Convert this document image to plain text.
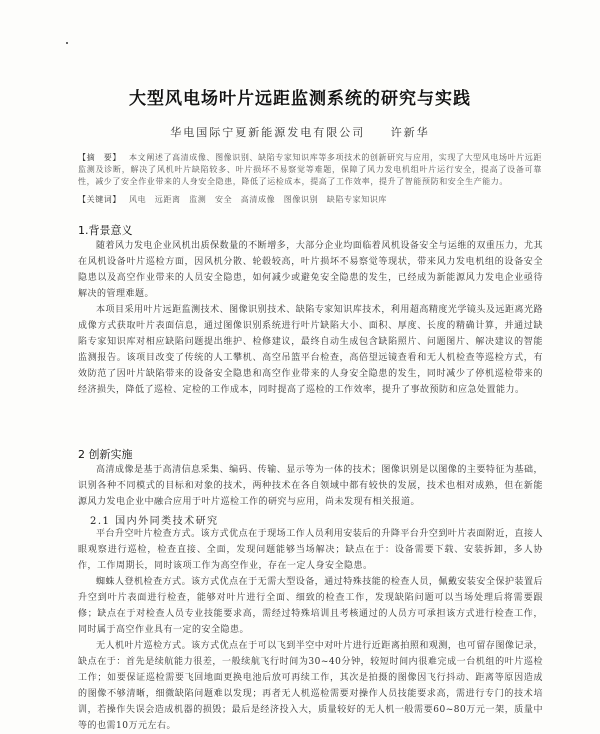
大型风电场叶片远距监测系统的研究与实践
华电国际宁夏新能源发电有限公司 许新华
【摘　要】 本文阐述了高清成像、图像识别、缺陷专家知识库等多项技术的创新研究与应用，实现了大型风电场叶片远距监测及诊断，解决了风机叶片缺陷较多、叶片损坏不易察觉等难题，保障了风力发电机组叶片运行安全，提高了设备可靠性，减少了安全作业带来的人身安全隐患，降低了运检成本，提高了工作效率，提升了智能预防和安全生产能力。
【关键词】 风电　远距离　监测　安全　高清成像　图像识别　缺陷专家知识库
1.背景意义

随着风力发电企业风机出质保数量的不断增多，大部分企业均面临着风机设备安全与运维的双重压力，尤其在风机设备叶片巡检方面，因风机分散、轮毂较高，叶片损坏不易察觉等现状，带来风力发电机组的设备安全隐患以及高空作业带来的人员安全隐患，如何减少或避免安全隐患的发生，已经成为新能源风力发电企业亟待解决的管理难题。

本项目采用叶片远距监测技术、图像识别技术、缺陷专家知识库技术，利用超高精度光学镜头及远距离光路成像方式获取叶片表面信息，通过图像识别系统进行叶片缺陷大小、面积、厚度、长度的精确计算，并通过缺陷专家知识库对相应缺陷问题提出维护、检修建议，最终自动生成包含缺陷照片、问题图片、解决建议的智能监测报告。该项目改变了传统的人工攀机、高空吊篮平台检查，高倍望远镜查看和无人机检查等巡检方式，有效防范了因叶片缺陷带来的设备安全隐患和高空作业带来的人身安全隐患的发生，同时减少了停机巡检带来的经济损失，降低了巡检、定检的工作成本，同时提高了巡检的工作效率，提升了事故预防和应急处置能力。

2 创新实施

高清成像是基于高清信息采集、编码、传输、显示等为一体的技术；图像识别是以图像的主要特征为基础，识别各种不同模式的目标和对象的技术，两种技术在各自领域中都有较快的发展，技术也相对成熟，但在新能源风力发电企业中融合应用于叶片巡检工作的研究与应用，尚未发现有相关报道。

2.1 国内外同类技术研究

平台升空叶片检查方式。该方式优点在于现场工作人员利用安装后的升降平台升空到叶片表面附近，直接人眼观察进行巡检，检查直接、全面，发现问题能够当场解决；缺点在于：设备需要下载、安装拆卸，多人协作，工作周期长，同时该项工作为高空作业，存在一定人身安全隐患。

蜘蛛人登机检查方式。该方式优点在于无需大型设备，通过特殊技能的检查人员，佩戴安装安全保护装置后升空到叶片表面进行检查，能够对叶片进行全面、细致的检查工作，发现缺陷问题可以当场处理后将需要跟修；缺点在于对检查人员专业技能要求高，需经过特殊培训且考核通过的人员方可承担该方式进行检查工作，同时属于高空作业具有一定的安全隐患。

无人机叶片巡检方式。该方式优点在于可以飞到半空中对叶片进行近距离拍照和观测，也可留存图像记录，缺点在于：首先是续航能力很差，一般续航飞行时间为30~40分钟，较短时间内很难完成一台机组的叶片巡检工作；如要保证巡检需要飞回地面更换电池后放可再续工作，其次是拍摄的图像因飞行抖动、距离等原因造成的图像不够清晰，细微缺陷问题难以发现；再者无人机巡检需要对操作人员技能要求高，需进行专门的技术培训，若操作失误会造成机器的损毁；最后是经济投入大，质量较好的无人机一般需要60~80万元一架，质量中等的也需10万元左右。
